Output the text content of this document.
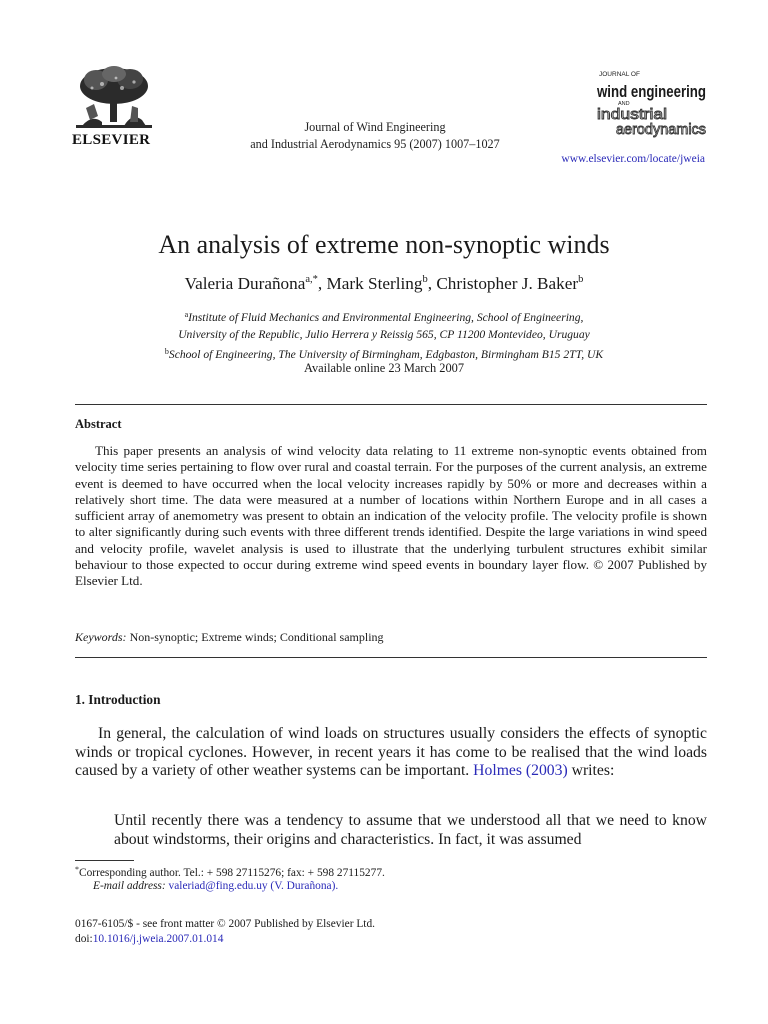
ELSEVIER
Journal of Wind Engineering
and Industrial Aerodynamics 95 (2007) 1007–1027
JOURNAL OF
wind engineering
AND
industrial
aerodynamics
www.elsevier.com/locate/jweia
An analysis of extreme non-synoptic winds
Valeria Durañona$^{a,*}$, Mark Sterling$^b$, Christopher J. Baker$^b$
$^a$Institute of Fluid Mechanics and Environmental Engineering, School of Engineering,
University of the Republic, Julio Herrera y Reissig 565, CP 11200 Montevideo, Uruguay
$^b$School of Engineering, The University of Birmingham, Edgbaston, Birmingham B15 2TT, UK
Available online 23 March 2007
Abstract
This paper presents an analysis of wind velocity data relating to 11 extreme non-synoptic events obtained from velocity time series pertaining to flow over rural and coastal terrain. For the purposes of the current analysis, an extreme event is deemed to have occurred when the local velocity increases rapidly by 50% or more and decreases within a relatively short time. The data were measured at a number of locations within Northern Europe and in all cases a sufficient array of anemometry was present to obtain an indication of the velocity profile. The velocity profile is shown to alter significantly during such events with three different trends identified. Despite the large variations in wind speed and velocity profile, wavelet analysis is used to illustrate that the underlying turbulent structures exhibit similar behaviour to those expected to occur during extreme wind speed events in boundary layer flow. © 2007 Published by Elsevier Ltd.
Keywords: Non-synoptic; Extreme winds; Conditional sampling
1. Introduction
In general, the calculation of wind loads on structures usually considers the effects of synoptic winds or tropical cyclones. However, in recent years it has come to be realised that the wind loads caused by a variety of other weather systems can be important. Holmes (2003) writes:
Until recently there was a tendency to assume that we understood all that we need to know about windstorms, their origins and characteristics. In fact, it was assumed
*Corresponding author. Tel.: + 598 27115276; fax: + 598 27115277.
E-mail address: valeriad@fing.edu.uy (V. Durañona).
0167-6105/$ - see front matter © 2007 Published by Elsevier Ltd.
doi:10.1016/j.jweia.2007.01.014
